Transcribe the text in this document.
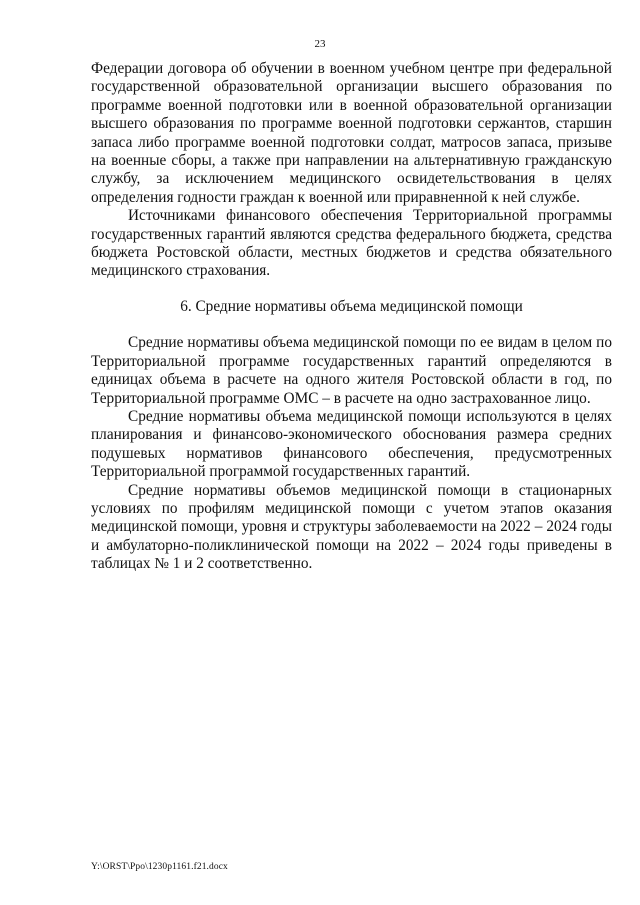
23

Федерации договора об обучении в военном учебном центре при федеральной государственной образовательной организации высшего образования по программе военной подготовки или в военной образовательной организации высшего образования по программе военной подготовки сержантов, старшин запаса либо программе военной подготовки солдат, матросов запаса, призыве на военные сборы, а также при направлении на альтернативную гражданскую службу, за исключением медицинского освидетельствования в целях определения годности граждан к военной или приравненной к ней службе.

Источниками финансового обеспечения Территориальной программы государственных гарантий являются средства федерального бюджета, средства бюджета Ростовской области, местных бюджетов и средства обязательного медицинского страхования.

6. Средние нормативы объема медицинской помощи

Средние нормативы объема медицинской помощи по ее видам в целом по Территориальной программе государственных гарантий определяются в единицах объема в расчете на одного жителя Ростовской области в год, по Территориальной программе ОМС – в расчете на одно застрахованное лицо.

Средние нормативы объема медицинской помощи используются в целях планирования и финансово-экономического обоснования размера средних подушевых нормативов финансового обеспечения, предусмотренных Территориальной программой государственных гарантий.

Средние нормативы объемов медицинской помощи в стационарных условиях по профилям медицинской помощи с учетом этапов оказания медицинской помощи, уровня и структуры заболеваемости на 2022 – 2024 годы и амбулаторно-поликлинической помощи на 2022 – 2024 годы приведены в таблицах № 1 и 2 соответственно.

Y:\ORST\Ppo\1230p1161.f21.docx
